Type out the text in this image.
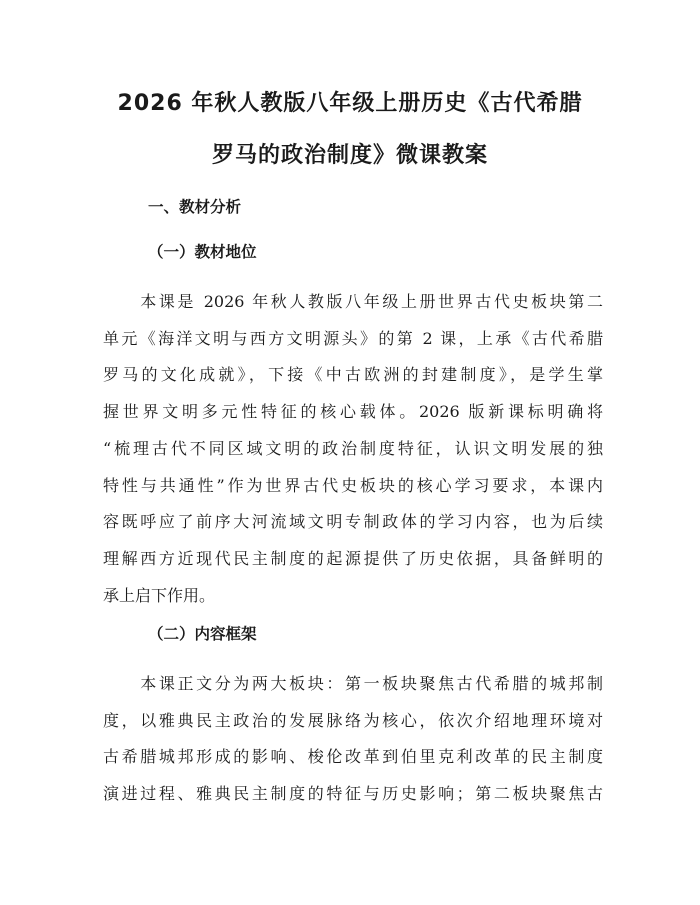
2026 年秋人教版八年级上册历史《古代希腊
罗马的政治制度》微课教案
一、教材分析
（一）教材地位

　　本课是 2026 年秋人教版八年级上册世界古代史板块第二
单元《海洋文明与西方文明源头》的第 2 课，上承《古代希腊
罗马的文化成就》，下接《中古欧洲的封建制度》，是学生掌
握世界文明多元性特征的核心载体。2026 版新课标明确将
“梳理古代不同区域文明的政治制度特征，认识文明发展的独
特性与共通性”作为世界古代史板块的核心学习要求，本课内
容既呼应了前序大河流域文明专制政体的学习内容，也为后续
理解西方近现代民主制度的起源提供了历史依据，具备鲜明的
承上启下作用。

（二）内容框架

　　本课正文分为两大板块：第一板块聚焦古代希腊的城邦制
度，以雅典民主政治的发展脉络为核心，依次介绍地理环境对
古希腊城邦形成的影响、梭伦改革到伯里克利改革的民主制度
演进过程、雅典民主制度的特征与历史影响；第二板块聚焦古
